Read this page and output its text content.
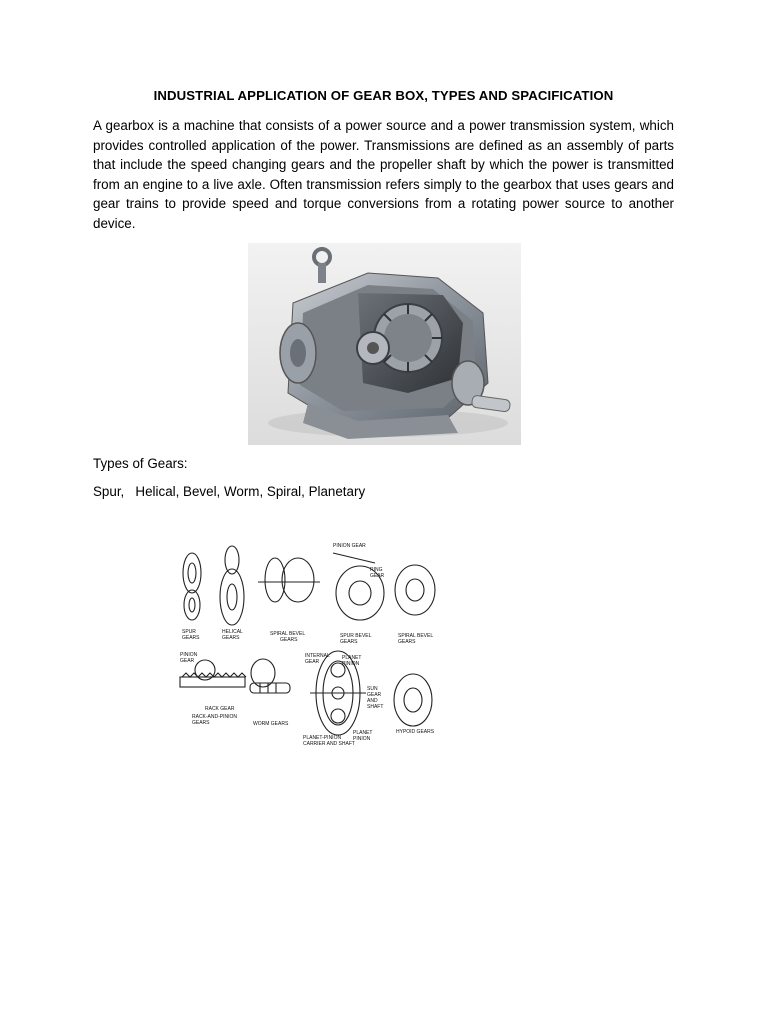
INDUSTRIAL APPLICATION OF GEAR BOX, TYPES AND SPACIFICATION
A gearbox is a machine that consists of a power source and a power transmission system, which provides controlled application of the power. Transmissions are defined as an assembly of parts that include the speed changing gears and the propeller shaft by which the power is transmitted from an engine to a live axle. Often transmission refers simply to the gearbox that uses gears and gear trains to provide speed and torque conversions from a rotating power source to another device.
Types of Gears:
Spur,   Helical, Bevel, Worm, Spiral, Planetary
SPUR
GEARS
HELICAL
GEARS
SPIRAL BEVEL
GEARS
PINION GEAR
RING
GEAR
SPUR BEVEL
GEARS
SPIRAL BEVEL
GEARS
PINION
GEAR
RACK GEAR
RACK-AND-PINION
GEARS	WORM GEARS
INTERNAL
GEAR
PLANET
PINION
SUN
GEAR
AND
SHAFT
PLANET
PINION
PLANET-PINION
CARRIER AND SHAFT
HYPOID GEARS
